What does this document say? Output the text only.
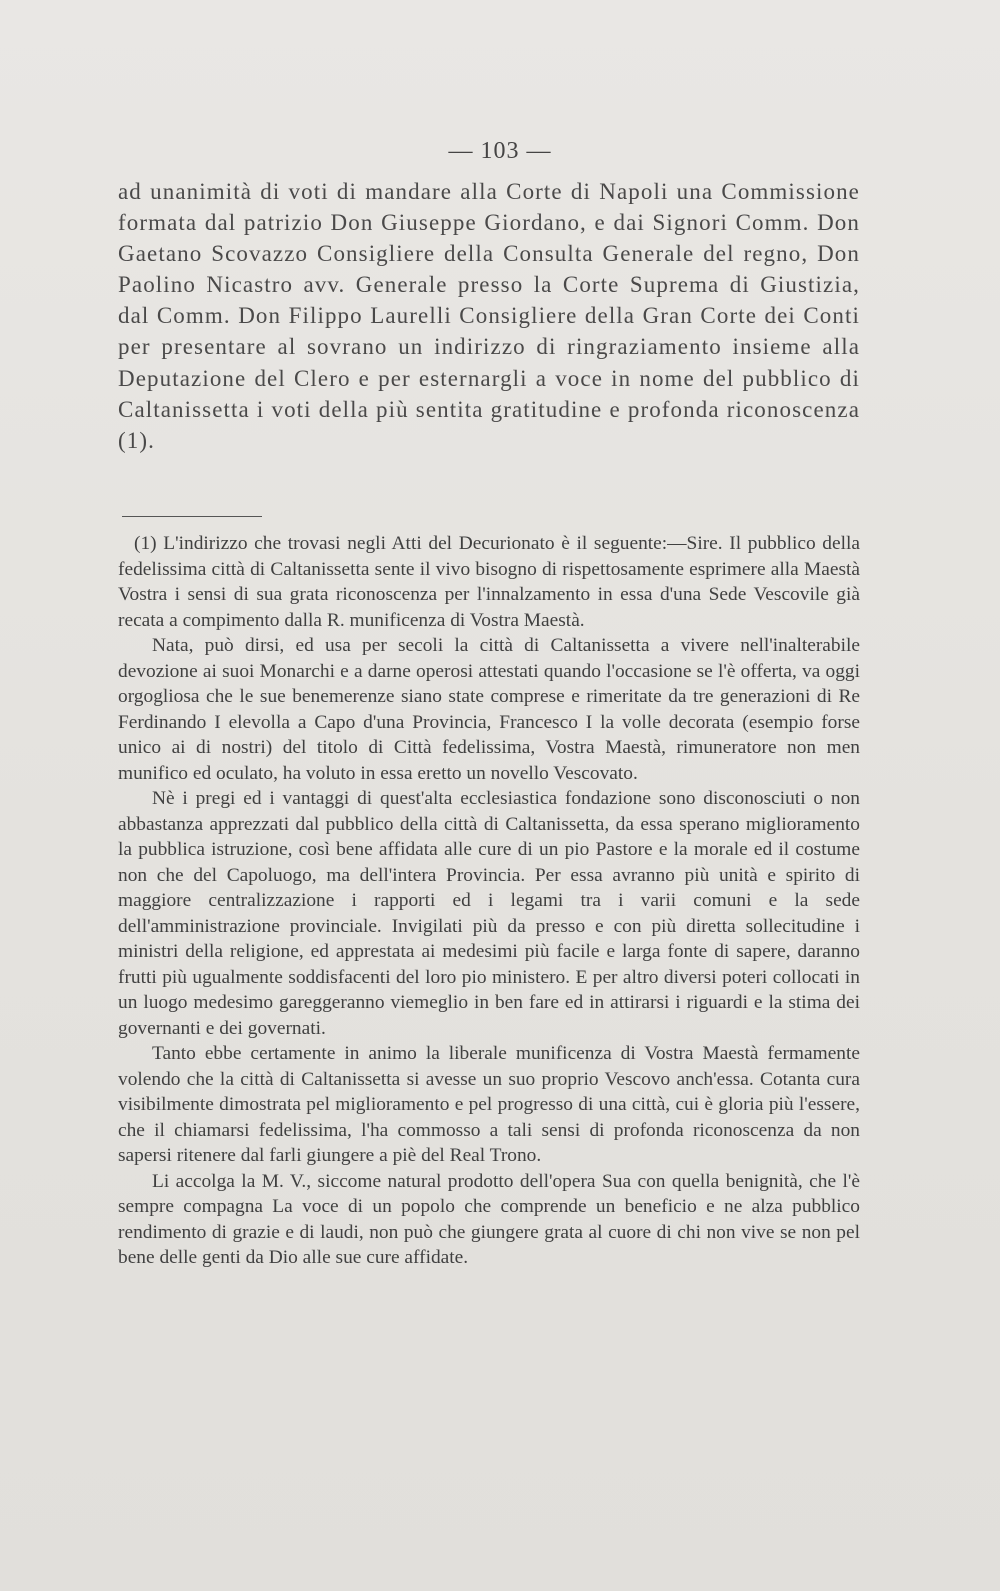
— 103 —

ad unanimità di voti di mandare alla Corte di Napoli una Commissione formata dal patrizio Don Giuseppe Giordano, e dai Signori Comm. Don Gaetano Scovazzo Consigliere della Consulta Generale del regno, Don Paolino Nicastro avv. Generale presso la Corte Suprema di Giustizia, dal Comm. Don Filippo Laurelli Consigliere della Gran Corte dei Conti per presentare al sovrano un indirizzo di ringraziamento insieme alla Deputazione del Clero e per esternargli a voce in nome del pubblico di Caltanissetta i voti della più sentita gratitudine e profonda riconoscenza (1).

(1) L'indirizzo che trovasi negli Atti del Decurionato è il seguente:—Sire. Il pubblico della fedelissima città di Caltanissetta sente il vivo bisogno di rispettosamente esprimere alla Maestà Vostra i sensi di sua grata riconoscenza per l'innalzamento in essa d'una Sede Vescovile già recata a compimento dalla R. munificenza di Vostra Maestà.

Nata, può dirsi, ed usa per secoli la città di Caltanissetta a vivere nell'inalterabile devozione ai suoi Monarchi e a darne operosi attestati quando l'occasione se l'è offerta, va oggi orgogliosa che le sue benemerenze siano state comprese e rimeritate da tre generazioni di Re Ferdinando I elevolla a Capo d'una Provincia, Francesco I la volle decorata (esempio forse unico ai di nostri) del titolo di Città fedelissima, Vostra Maestà, rimuneratore non men munifico ed oculato, ha voluto in essa eretto un novello Vescovato.

Nè i pregi ed i vantaggi di quest'alta ecclesiastica fondazione sono disconosciuti o non abbastanza apprezzati dal pubblico della città di Caltanissetta, da essa sperano miglioramento la pubblica istruzione, così bene affidata alle cure di un pio Pastore e la morale ed il costume non che del Capoluogo, ma dell'intera Provincia. Per essa avranno più unità e spirito di maggiore centralizzazione i rapporti ed i legami tra i varii comuni e la sede dell'amministrazione provinciale. Invigilati più da presso e con più diretta sollecitudine i ministri della religione, ed apprestata ai medesimi più facile e larga fonte di sapere, daranno frutti più ugualmente soddisfacenti del loro pio ministero. E per altro diversi poteri collocati in un luogo medesimo gareggeranno viemeglio in ben fare ed in attirarsi i riguardi e la stima dei governanti e dei governati.

Tanto ebbe certamente in animo la liberale munificenza di Vostra Maestà fermamente volendo che la città di Caltanissetta si avesse un suo proprio Vescovo anch'essa. Cotanta cura visibilmente dimostrata pel miglioramento e pel progresso di una città, cui è gloria più l'essere, che il chiamarsi fedelissima, l'ha commosso a tali sensi di profonda riconoscenza da non sapersi ritenere dal farli giungere a piè del Real Trono.

Li accolga la M. V., siccome natural prodotto dell'opera Sua con quella benignità, che l'è sempre compagna La voce di un popolo che comprende un beneficio e ne alza pubblico rendimento di grazie e di laudi, non può che giungere grata al cuore di chi non vive se non pel bene delle genti da Dio alle sue cure affidate.
